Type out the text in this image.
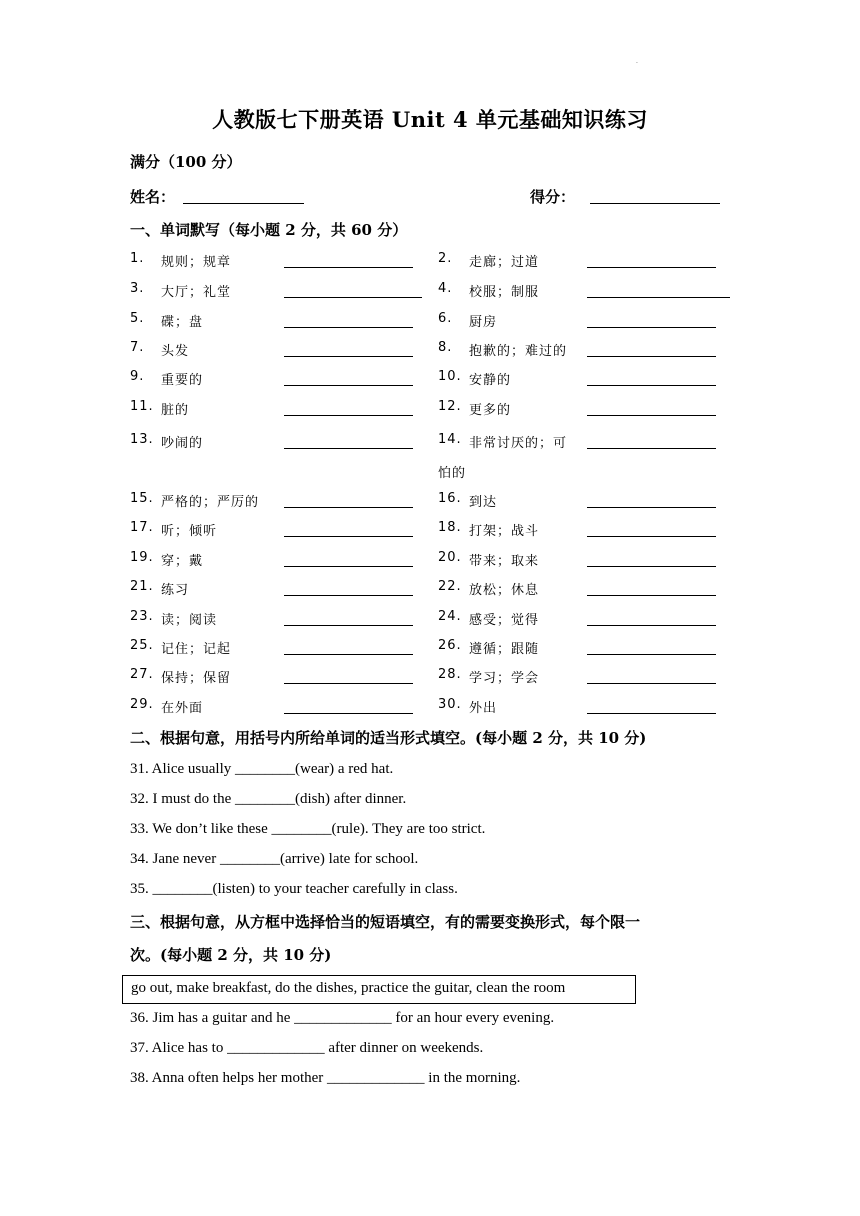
.
人教版七下册英语 Unit 4 单元基础知识练习
满分（100 分）
姓名：	得分：
一、单词默写（每小题 2 分，共 60 分）
1. 规则；规章	2. 走廊；过道
3. 大厅；礼堂	4. 校服；制服
5. 碟；盘	6. 厨房
7. 头发	8. 抱歉的；难过的
9. 重要的	10. 安静的
11. 脏的	12. 更多的
13. 吵闹的	14. 非常讨厌的；可
怕的
15. 严格的；严厉的	16. 到达
17. 听；倾听	18. 打架；战斗
19. 穿；戴	20. 带来；取来
21. 练习	22. 放松；休息
23. 读；阅读	24. 感受；觉得
25. 记住；记起	26. 遵循；跟随
27. 保持；保留	28. 学习；学会
29. 在外面	30. 外出
二、根据句意，用括号内所给单词的适当形式填空。(每小题 2 分，共 10 分)
31. Alice usually ________(wear) a red hat.
32. I must do the ________(dish) after dinner.
33. We don’t like these ________(rule). They are too strict.
34. Jane never ________(arrive) late for school.
35. ________(listen) to your teacher carefully in class.
三、根据句意，从方框中选择恰当的短语填空，有的需要变换形式，每个限一
次。(每小题 2 分，共 10 分)
go out, make breakfast, do the dishes, practice the guitar, clean the room
36. Jim has a guitar and he _____________ for an hour every evening.
37. Alice has to _____________ after dinner on weekends.
38. Anna often helps her mother _____________ in the morning.
